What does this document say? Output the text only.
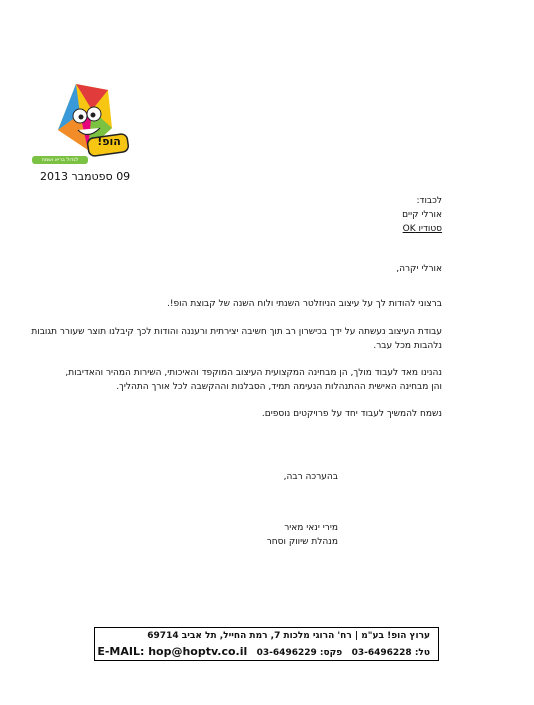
הופ!
לגדול בריא ושמח
09 ספטמבר 2013
לכבוד:
אורלי קיים
סטודיו OK
אורלי יקרה,
ברצוני להודות לך על עיצוב הניוזלטר השנתי ולוח השנה של קבוצת הופ!.
עבודת העיצוב נעשתה על ידך בכישרון רב תוך חשיבה יצירתית ורעננה והודות לכך קיבלנו תוצר שעורר תגובות
נלהבות מכל עבר.
נהנינו מאד לעבוד מולך, הן מבחינה המקצועית העיצוב המוקפד והאיכותי, השירות המהיר והאדיבות,
והן מבחינה האישית ההתנהלות הנעימה תמיד, הסבלנות וההקשבה לכל אורך התהליך.
נשמח להמשיך לעבוד יחד על פרויקטים נוספים.
בהערכה רבה,
מירי ינאי מאיר
מנהלת שיווק וסחר
ערוץ הופ! בע"מ | רח' הרוגי מלכות 7, רמת החייל, תל אביב 69714
טל: 03-6496228   פקס: 03-6496229   E-MAIL: hop@hoptv.co.il
